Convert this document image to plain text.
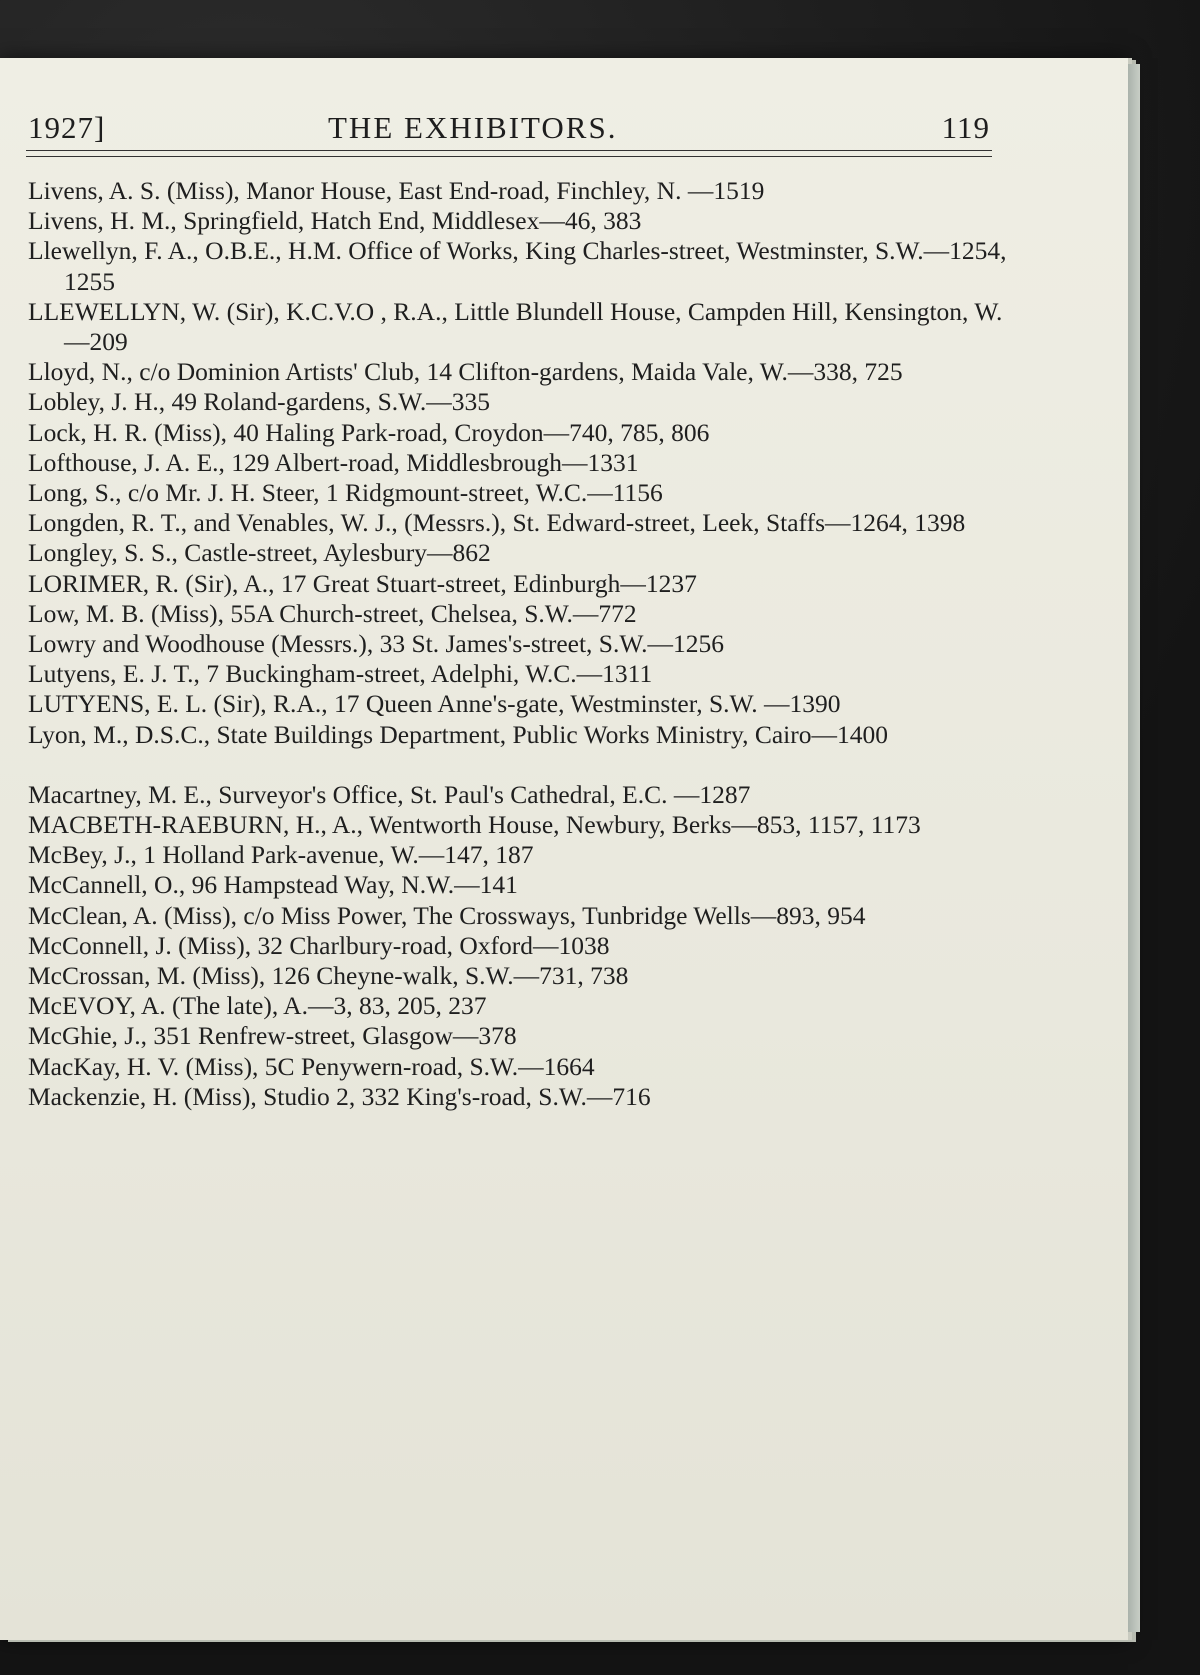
1927]	THE EXHIBITORS.	119

Livens, A. S. (Miss), Manor House, East End-road, Finchley, N. —1519

Livens, H. M., Springfield, Hatch End, Middlesex—46, 383

Llewellyn, F. A., O.B.E., H.M. Office of Works, King Charles-street, Westminster, S.W.—1254, 1255

LLEWELLYN, W. (Sir), K.C.V.O , R.A., Little Blundell House, Campden Hill, Kensington, W.—209

Lloyd, N., c/o Dominion Artists' Club, 14 Clifton-gardens, Maida Vale, W.—338, 725

Lobley, J. H., 49 Roland-gardens, S.W.—335

Lock, H. R. (Miss), 40 Haling Park-road, Croydon—740, 785, 806

Lofthouse, J. A. E., 129 Albert-road, Middlesbrough—1331

Long, S., c/o Mr. J. H. Steer, 1 Ridgmount-street, W.C.—1156

Longden, R. T., and Venables, W. J., (Messrs.), St. Edward-street, Leek, Staffs—1264, 1398

Longley, S. S., Castle-street, Aylesbury—862

LORIMER, R. (Sir), A., 17 Great Stuart-street, Edinburgh—1237

Low, M. B. (Miss), 55A Church-street, Chelsea, S.W.—772

Lowry and Woodhouse (Messrs.), 33 St. James's-street, S.W.—1256

Lutyens, E. J. T., 7 Buckingham-street, Adelphi, W.C.—1311

LUTYENS, E. L. (Sir), R.A., 17 Queen Anne's-gate, Westminster, S.W. —1390

Lyon, M., D.S.C., State Buildings Department, Public Works Ministry, Cairo—1400

Macartney, M. E., Surveyor's Office, St. Paul's Cathedral, E.C. —1287

MACBETH-RAEBURN, H., A., Wentworth House, Newbury, Berks—853, 1157, 1173

McBey, J., 1 Holland Park-avenue, W.—147, 187

McCannell, O., 96 Hampstead Way, N.W.—141

McClean, A. (Miss), c/o Miss Power, The Crossways, Tunbridge Wells—893, 954

McConnell, J. (Miss), 32 Charlbury-road, Oxford—1038

McCrossan, M. (Miss), 126 Cheyne-walk, S.W.—731, 738

McEVOY, A. (The late), A.—3, 83, 205, 237

McGhie, J., 351 Renfrew-street, Glasgow—378

MacKay, H. V. (Miss), 5C Penywern-road, S.W.—1664

Mackenzie, H. (Miss), Studio 2, 332 King's-road, S.W.—716
